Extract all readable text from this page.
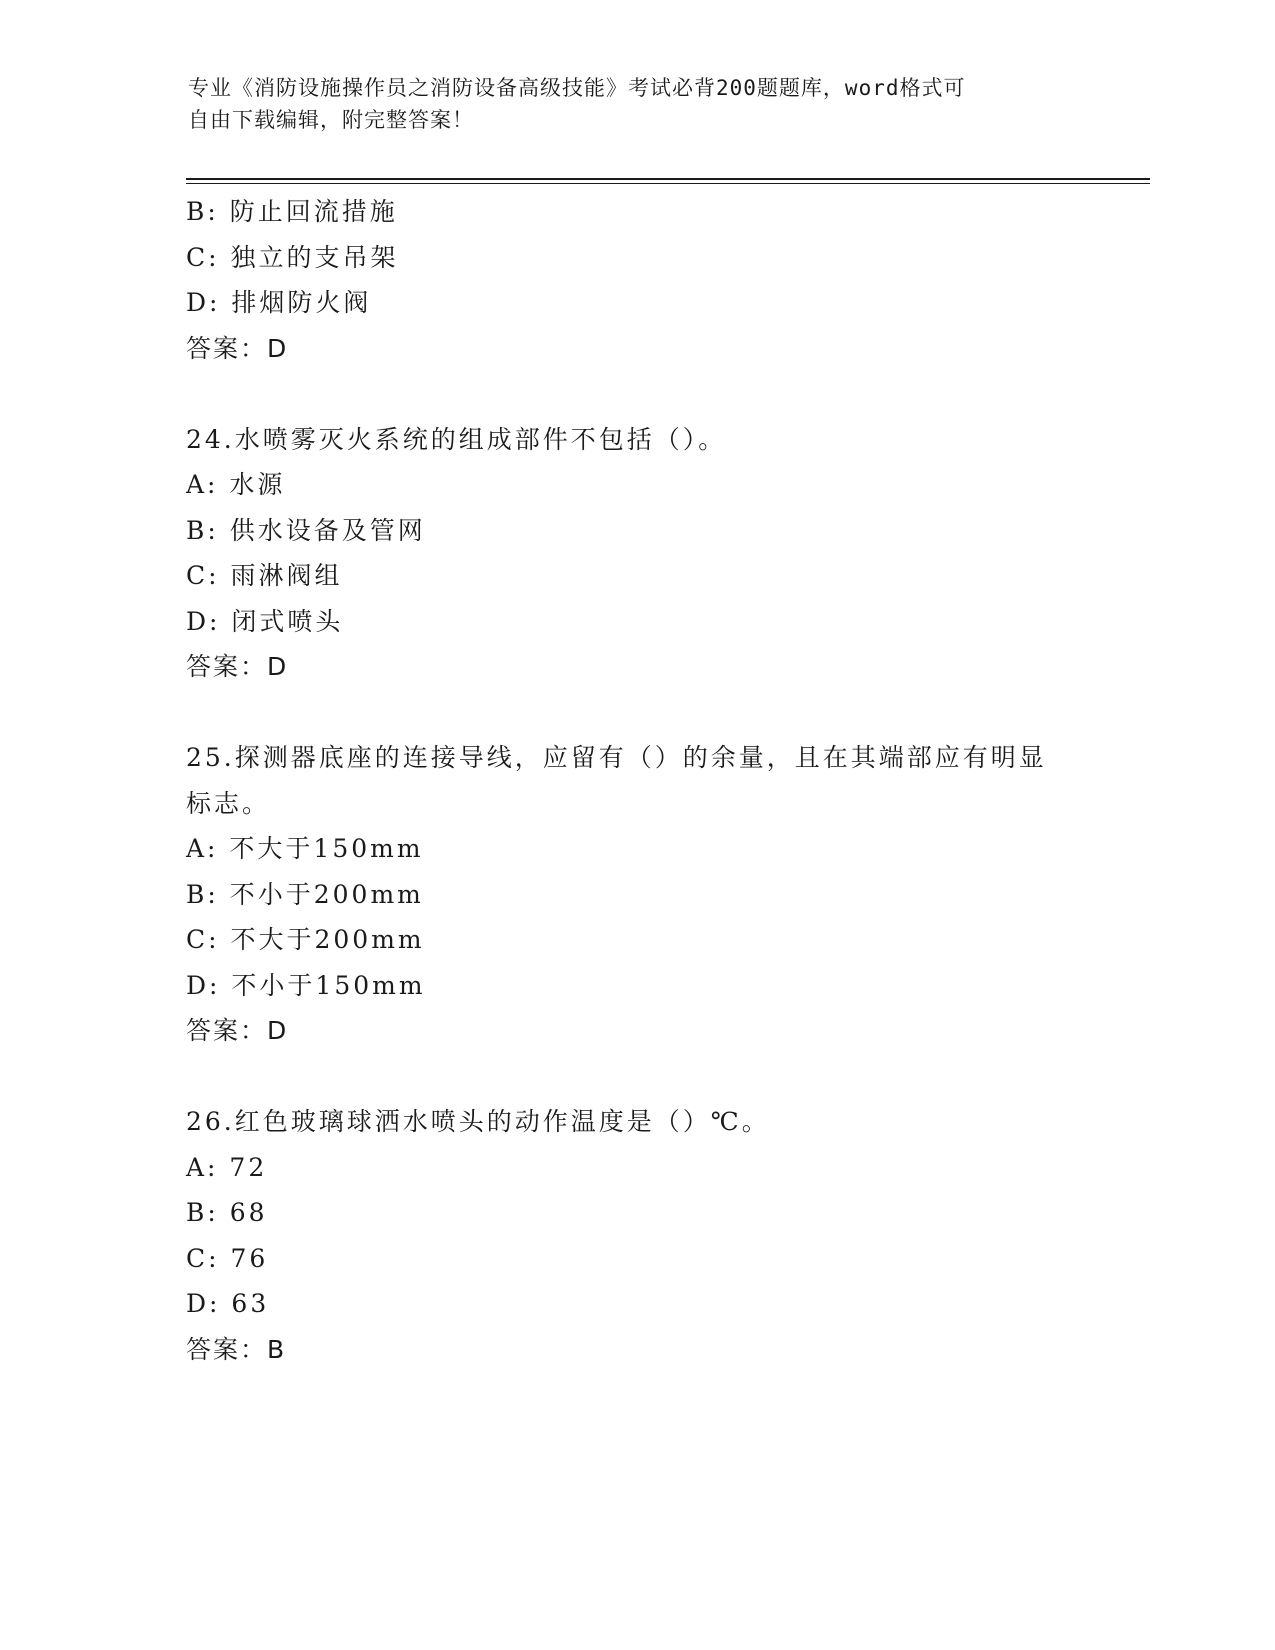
专业《消防设施操作员之消防设备高级技能》考试必背200题题库，word格式可
自由下载编辑，附完整答案！
B: 防止回流措施
C: 独立的支吊架
D: 排烟防火阀
答案：D
24.水喷雾灭火系统的组成部件不包括（）。
A: 水源
B: 供水设备及管网
C: 雨淋阀组
D: 闭式喷头
答案：D
25.探测器底座的连接导线，应留有（）的余量，且在其端部应有明显标志。
A: 不大于150mm
B: 不小于200mm
C: 不大于200mm
D: 不小于150mm
答案：D
26.红色玻璃球洒水喷头的动作温度是（）℃。
A: 72
B: 68
C: 76
D: 63
答案：B
